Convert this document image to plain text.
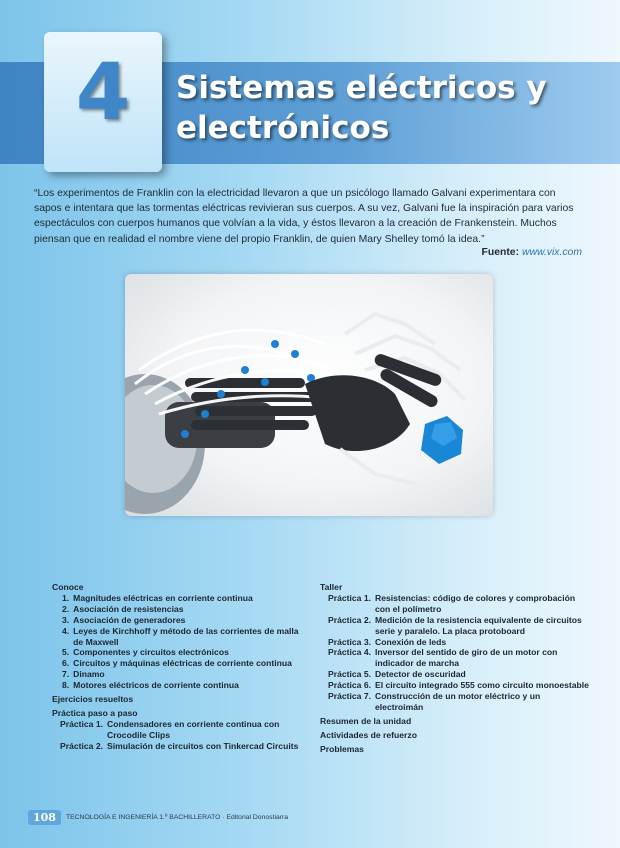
4	Sistemas eléctricos y
electrónicos

“Los experimentos de Franklin con la electricidad llevaron a que un psicólogo llamado Galvani experimentara con sapos e intentara que las tormentas eléctricas revivieran sus cuerpos. A su vez, Galvani fue la inspiración para varios espectáculos con cuerpos humanos que volvían a la vida, y éstos llevaron a la creación de Frankenstein. Muchos piensan que en realidad el nombre viene del propio Franklin, de quien Mary Shelley tomó la idea.”

Fuente: www.vix.com
Conoce
1. Magnitudes eléctricas en corriente continua
2. Asociación de resistencias
3. Asociación de generadores
4. Leyes de Kirchhoff y método de las corrientes de malla de Maxwell
5. Componentes y circuitos electrónicos
6. Circuitos y máquinas eléctricas de corriente continua
7. Dinamo
8. Motores eléctricos de corriente continua
Ejercicios resueltos
Práctica paso a paso
Práctica 1. Condensadores en corriente continua con Crocodile Clips
Práctica 2. Simulación de circuitos con Tinkercad Circuits
Taller
Práctica 1. Resistencias: código de colores y comprobación con el polímetro
Práctica 2. Medición de la resistencia equivalente de circuitos serie y paralelo. La placa protoboard
Práctica 3. Conexión de leds
Práctica 4. Inversor del sentido de giro de un motor con indicador de marcha
Práctica 5. Detector de oscuridad
Práctica 6. El circuito integrado 555 como circuito monoestable
Práctica 7. Construcción de un motor eléctrico y un electroimán
Resumen de la unidad
Actividades de refuerzo
Problemas
108	TECNOLOGÍA E INGENIERÍA 1.º BACHILLERATO · Editorial Donostiarra
